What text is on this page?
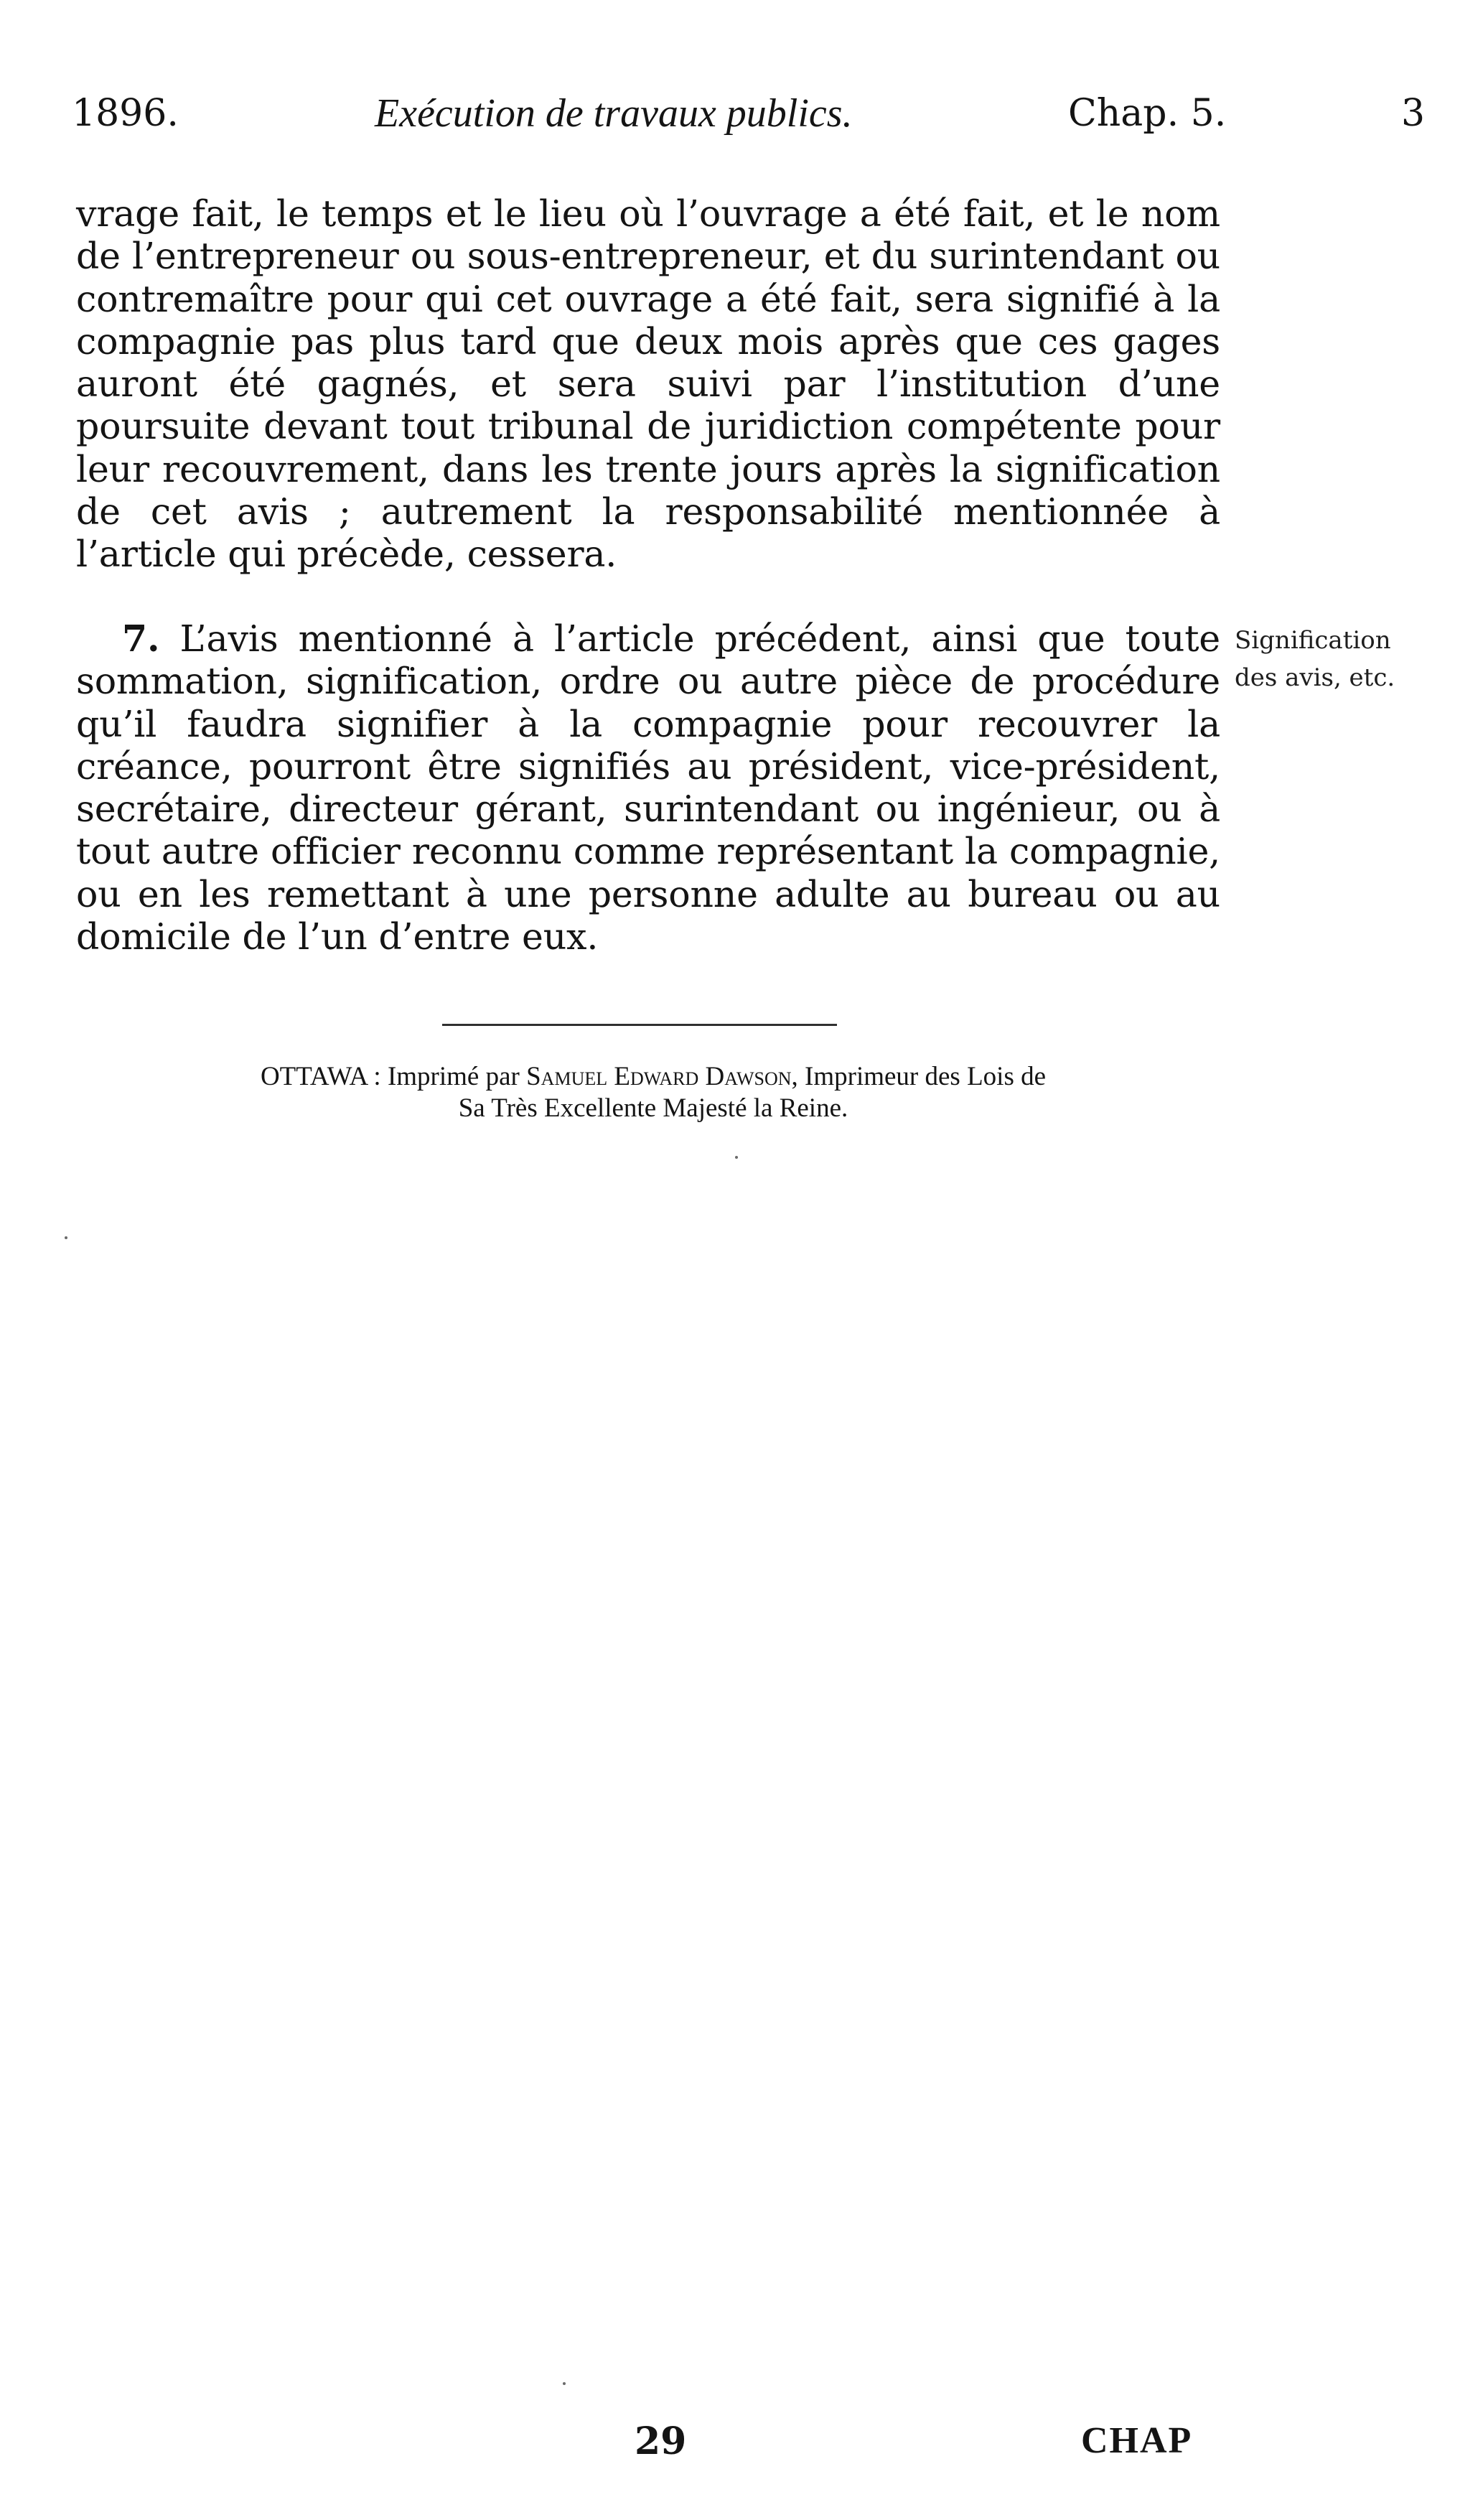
1896.	Exécution de travaux publics.	Chap. 5.	3

vrage fait, le temps et le lieu où l’ouvrage a été fait, et le nom de l’entrepreneur ou sous-entrepreneur, et du surintendant ou contremaître pour qui cet ouvrage a été fait, sera signifié à la compagnie pas plus tard que deux mois après que ces gages auront été gagnés, et sera suivi par l’institution d’une poursuite devant tout tribunal de juridiction compétente pour leur recouvrement, dans les trente jours après la signification de cet avis ; autrement la responsabilité mentionnée à l’article qui précède, cessera.

7. L’avis mentionné à l’article précédent, ainsi que toute sommation, signification, ordre ou autre pièce de procédure qu’il faudra signifier à la compagnie pour recouvrer la créance, pourront être signifiés au président, vice-président, secrétaire, directeur gérant, surintendant ou ingénieur, ou à tout autre officier reconnu comme représentant la compagnie, ou en les remettant à une personne adulte au bureau ou au domicile de l’un d’entre eux.

Signification
des avis, etc.
OTTAWA : Imprimé par Samuel Edward Dawson, Imprimeur des Lois de
Sa Très Excellente Majesté la Reine.
29	CHAP
